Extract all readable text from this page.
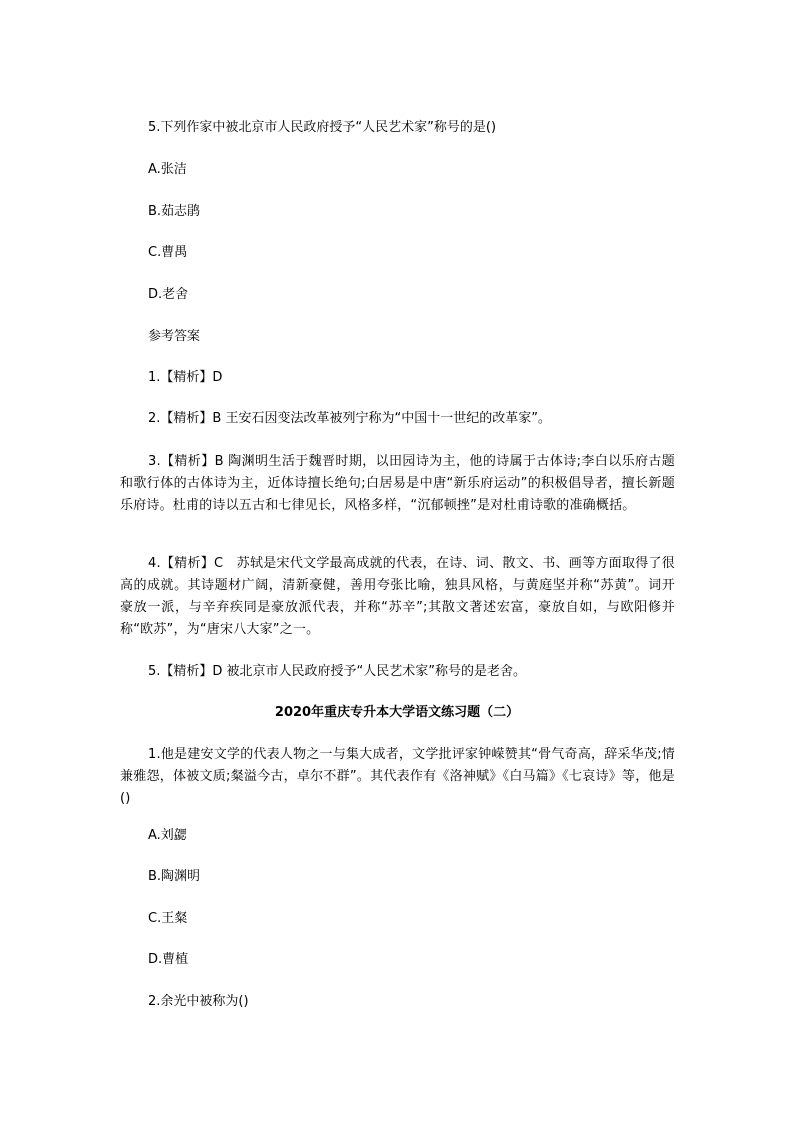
5.下列作家中被北京市人民政府授予“人民艺术家”称号的是()
A.张洁
B.茹志鹃
C.曹禺
D.老舍
参考答案
1.【精析】D
2.【精析】B 王安石因变法改革被列宁称为“中国十一世纪的改革家”。
3.【精析】B 陶渊明生活于魏晋时期，以田园诗为主，他的诗属于古体诗;李白以乐府古题和歌行体的古体诗为主，近体诗擅长绝句;白居易是中唐“新乐府运动”的积极倡导者，擅长新题乐府诗。杜甫的诗以五古和七律见长，风格多样，“沉郁顿挫”是对杜甫诗歌的准确概括。
4.【精析】C　苏轼是宋代文学最高成就的代表，在诗、词、散文、书、画等方面取得了很高的成就。其诗题材广阔，清新豪健，善用夸张比喻，独具风格，与黄庭坚并称“苏黄”。词开豪放一派，与辛弃疾同是豪放派代表，并称“苏辛”;其散文著述宏富，豪放自如，与欧阳修并称“欧苏”，为“唐宋八大家”之一。
5.【精析】D 被北京市人民政府授予“人民艺术家”称号的是老舍。
2020年重庆专升本大学语文练习题（二）
1.他是建安文学的代表人物之一与集大成者，文学批评家钟嵘赞其“骨气奇高，辞采华茂;情兼雅怨，体被文质;粲溢今古，卓尔不群”。其代表作有《洛神赋》《白马篇》《七哀诗》等，他是()
A.刘勰
B.陶渊明
C.王粲
D.曹植
2.余光中被称为()
